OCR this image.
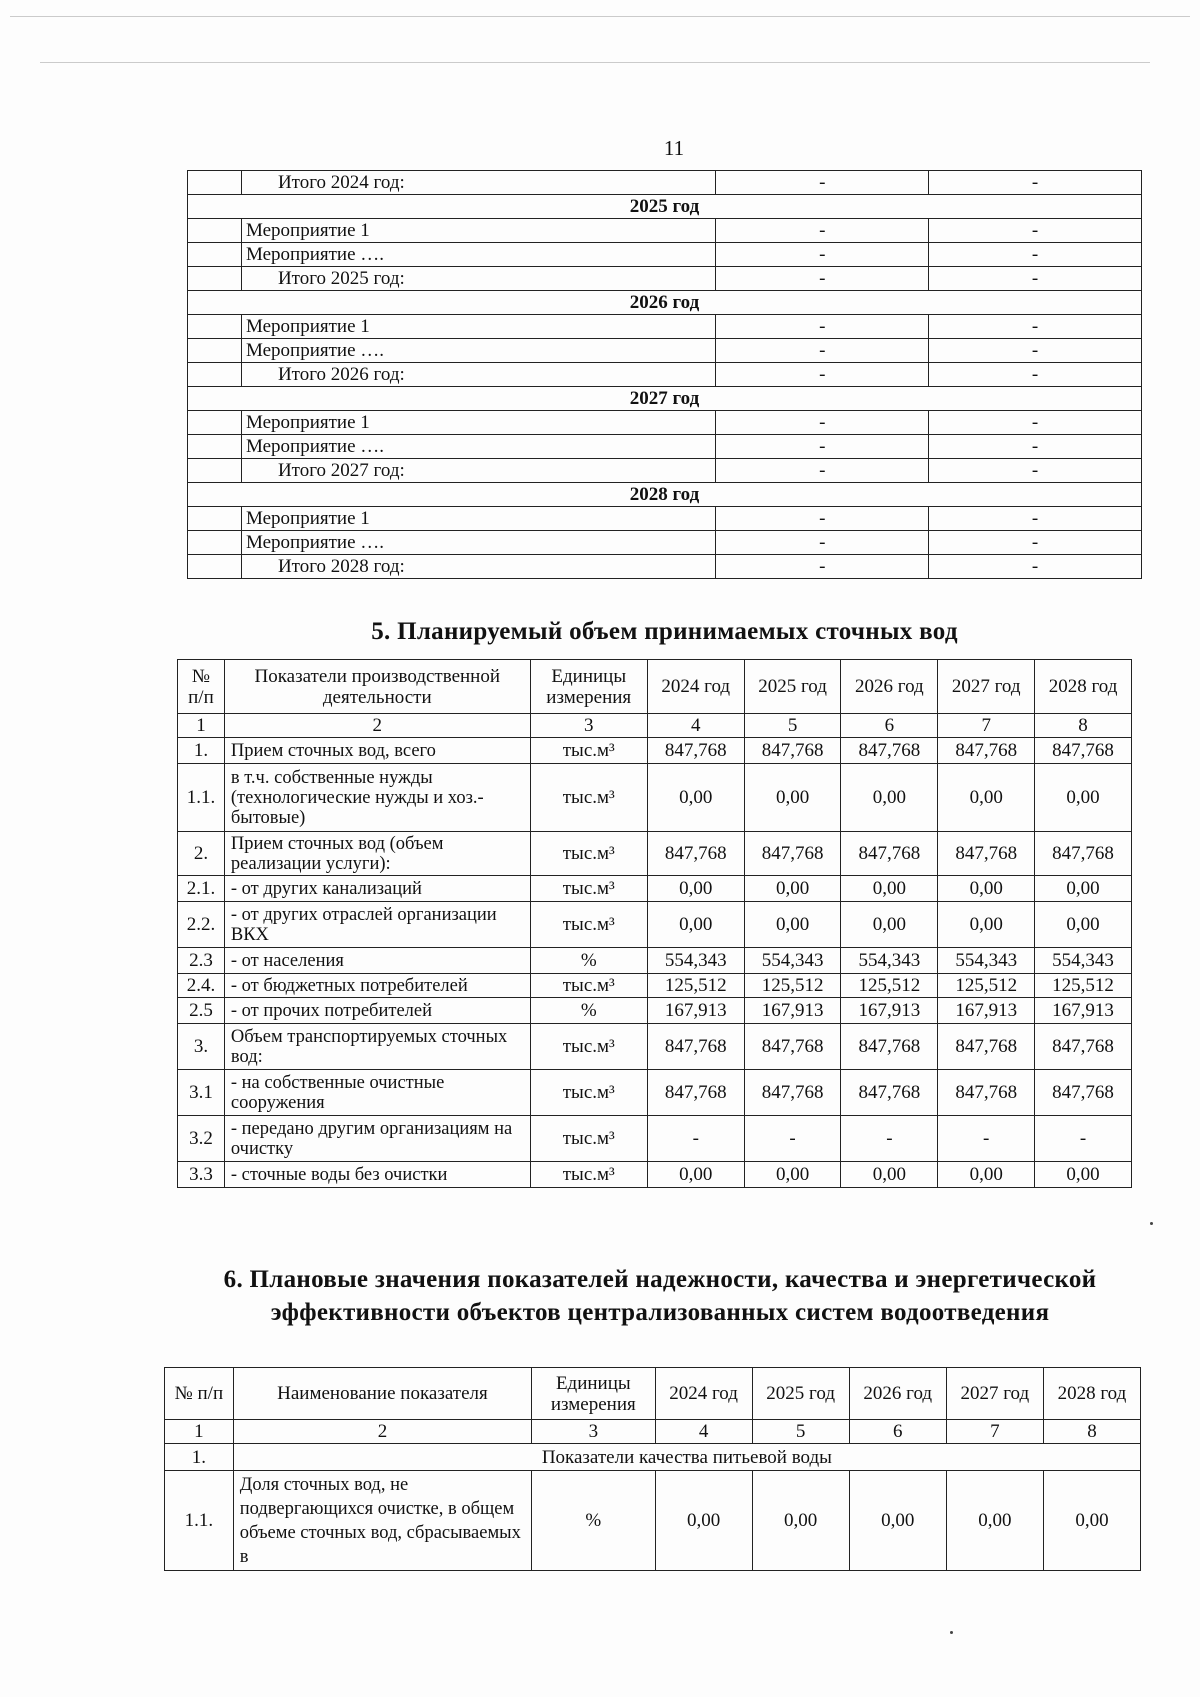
11
	Итого 2024 год:	-	-
2025 год			
	Мероприятие 1	-	-
	Мероприятие ….	-	-
	Итого 2025 год:	-	-
2026 год			
	Мероприятие 1	-	-
	Мероприятие ….	-	-
	Итого 2026 год:	-	-
2027 год			
	Мероприятие 1	-	-
	Мероприятие ….	-	-
	Итого 2027 год:	-	-
2028 год			
	Мероприятие 1	-	-
	Мероприятие ….	-	-
	Итого 2028 год:	-	-
5. Планируемый объем принимаемых сточных вод
№ п/п	Показатели производственной деятельности	Единицы измерения	2024 год	2025 год	2026 год	2027 год	2028 год
1	2	3	4	5	6	7	8
1.	Прием сточных вод, всего	тыс.м³	847,768	847,768	847,768	847,768	847,768
1.1.	в т.ч. собственные нужды (технологические нужды и хоз.-бытовые)	тыс.м³	0,00	0,00	0,00	0,00	0,00
2.	Прием сточных вод (объем реализации услуги):	тыс.м³	847,768	847,768	847,768	847,768	847,768
2.1.	- от других канализаций	тыс.м³	0,00	0,00	0,00	0,00	0,00
2.2.	- от других отраслей организации ВКХ	тыс.м³	0,00	0,00	0,00	0,00	0,00
2.3	- от населения	%	554,343	554,343	554,343	554,343	554,343
2.4.	- от бюджетных потребителей	тыс.м³	125,512	125,512	125,512	125,512	125,512
2.5	- от прочих потребителей	%	167,913	167,913	167,913	167,913	167,913
3.	Объем транспортируемых сточных вод:	тыс.м³	847,768	847,768	847,768	847,768	847,768
3.1	- на собственные очистные сооружения	тыс.м³	847,768	847,768	847,768	847,768	847,768
3.2	- передано другим организациям на очистку	тыс.м³	-	-	-	-	-
3.3	- сточные воды без очистки	тыс.м³	0,00	0,00	0,00	0,00	0,00
6. Плановые значения показателей надежности, качества и энергетической эффективности объектов централизованных систем водоотведения
№ п/п	Наименование показателя	Единицы измерения	2024 год	2025 год	2026 год	2027 год	2028 год
1	2	3	4	5	6	7	8
1.	Показатели качества питьевой воды						
1.1.	Доля сточных вод, не подвергающихся очистке, в общем объеме сточных вод, сбрасываемых в	%	0,00	0,00	0,00	0,00	0,00
